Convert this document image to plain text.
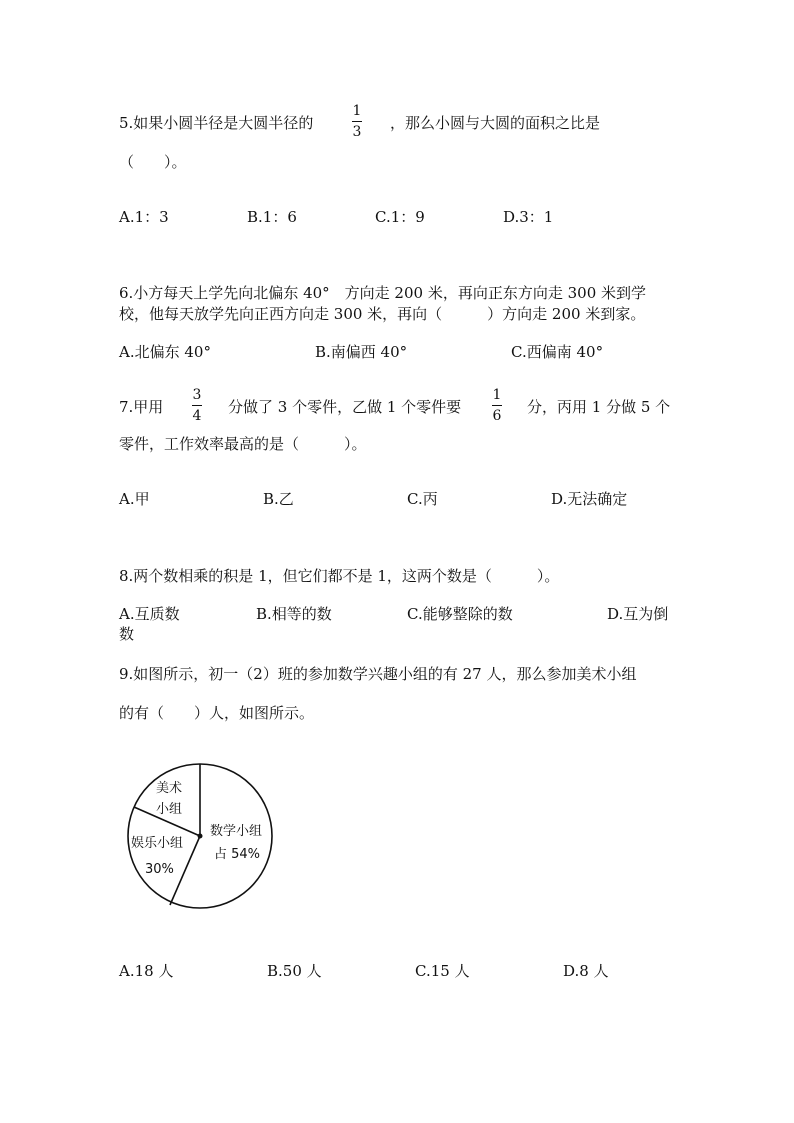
5.如果小圆半径是大圆半径的
1
3 ，那么小圆与大圆的面积之比是
（　　）。
A.1：3	B.1：6	C.1：9	D.3：1
6.小方每天上学先向北偏东 40°　方向走 200 米，再向正东方向走 300 米到学
校，他每天放学先向正西方向走 300 米，再向（　　　）方向走 200 米到家。
A.北偏东 40°	B.南偏西 40°	C.西偏南 40°
7.甲用
3
4 分做了 3 个零件，乙做 1 个零件要
1
6 分，丙用 1 分做 5 个
零件，工作效率最高的是（　　　）。
A.甲	B.乙	C.丙	D.无法确定
8.两个数相乘的积是 1，但它们都不是 1，这两个数是（　　　）。
A.互质数	B.相等的数	C.能够整除的数	D.互为倒
数
9.如图所示，初一（2）班的参加数学兴趣小组的有 27 人，那么参加美术小组
的有（　　）人，如图所示。
数学小组
占 54%
娱乐小组
30%
美术
小组
A.18 人	B.50 人	C.15 人	D.8 人
